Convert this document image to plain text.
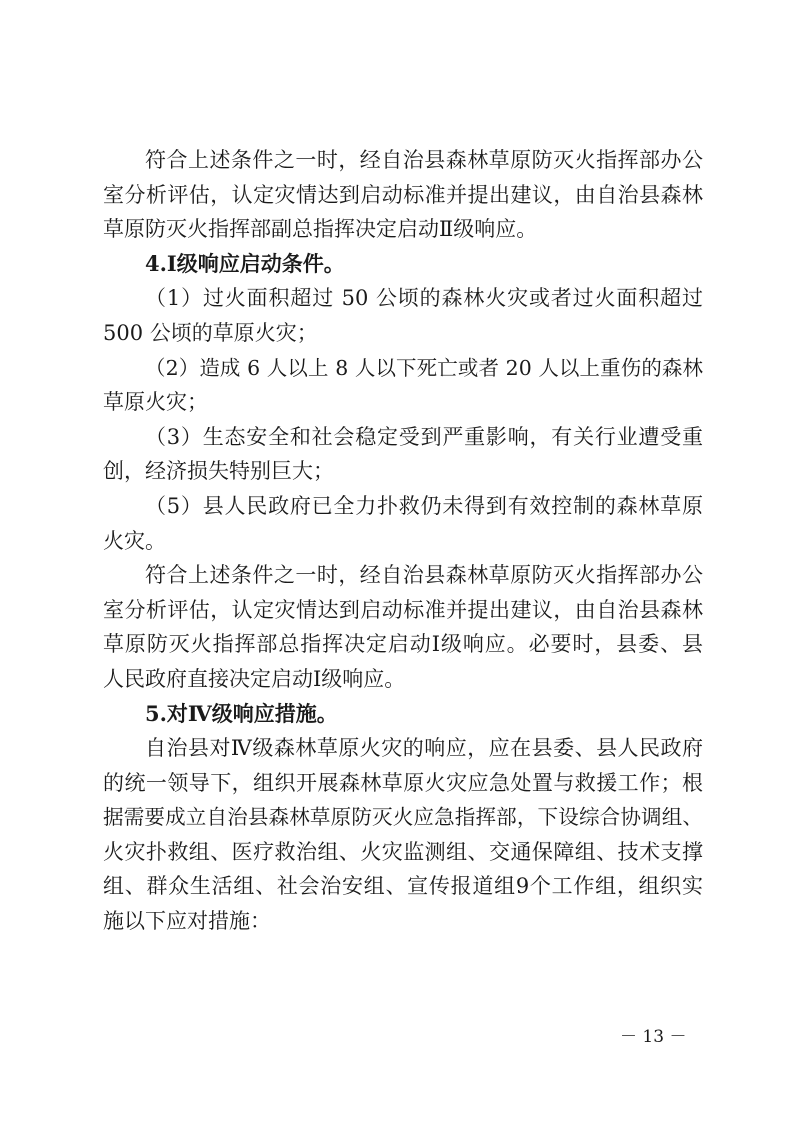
符合上述条件之一时，经自治县森林草原防灭火指挥部办公
室分析评估，认定灾情达到启动标准并提出建议，由自治县森林
草原防灭火指挥部副总指挥决定启动Ⅱ级响应。
4.Ⅰ级响应启动条件。
（1）过火面积超过 50 公顷的森林火灾或者过火面积超过
500 公顷的草原火灾；
（2）造成 6 人以上 8 人以下死亡或者 20 人以上重伤的森林
草原火灾；
（3）生态安全和社会稳定受到严重影响，有关行业遭受重
创，经济损失特别巨大；
（5）县人民政府已全力扑救仍未得到有效控制的森林草原
火灾。
符合上述条件之一时，经自治县森林草原防灭火指挥部办公
室分析评估，认定灾情达到启动标准并提出建议，由自治县森林
草原防灭火指挥部总指挥决定启动Ⅰ级响应。必要时，县委、县
人民政府直接决定启动Ⅰ级响应。
5.对Ⅳ级响应措施。
自治县对Ⅳ级森林草原火灾的响应，应在县委、县人民政府
的统一领导下，组织开展森林草原火灾应急处置与救援工作；根
据需要成立自治县森林草原防灭火应急指挥部，下设综合协调组、
火灾扑救组、医疗救治组、火灾监测组、交通保障组、技术支撑
组、群众生活组、社会治安组、宣传报道组9个工作组，组织实
施以下应对措施：
－ 13 －
